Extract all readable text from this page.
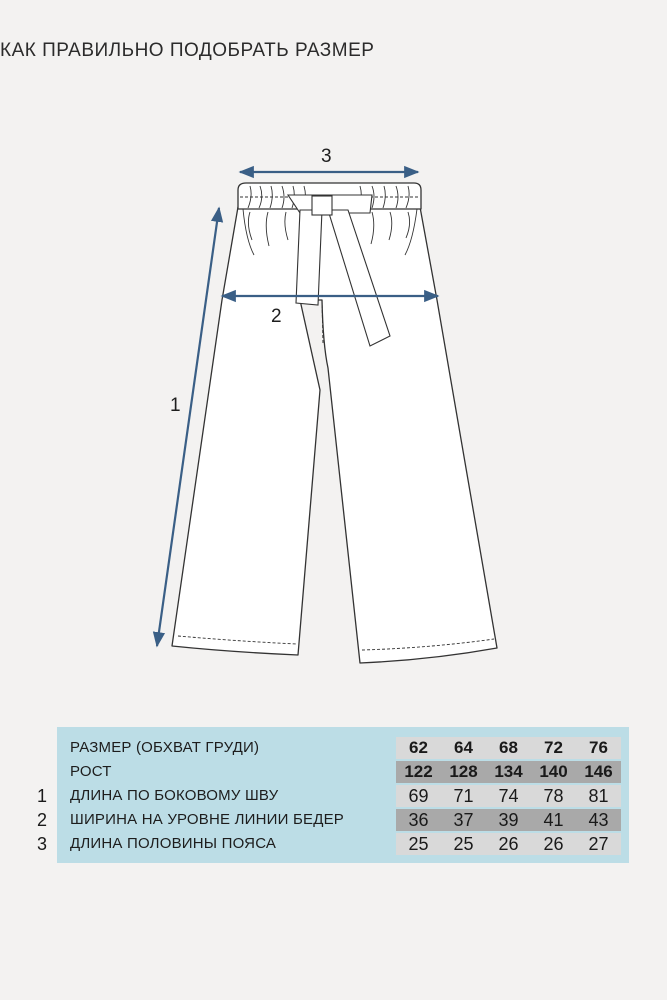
КАК ПРАВИЛЬНО ПОДОБРАТЬ РАЗМЕР
3
2
1
РАЗМЕР (ОБХВАТ ГРУДИ)	62	64	68	72	76
РОСТ	122 128 134 140 146
ДЛИНА ПО БОКОВОМУ ШВУ	69	71	74	78	81
ШИРИНА НА УРОВНЕ ЛИНИИ БЕДЕР	36	37	39	41	43
ДЛИНА ПОЛОВИНЫ ПОЯСА	25	25	26	26	27
1
2
3
